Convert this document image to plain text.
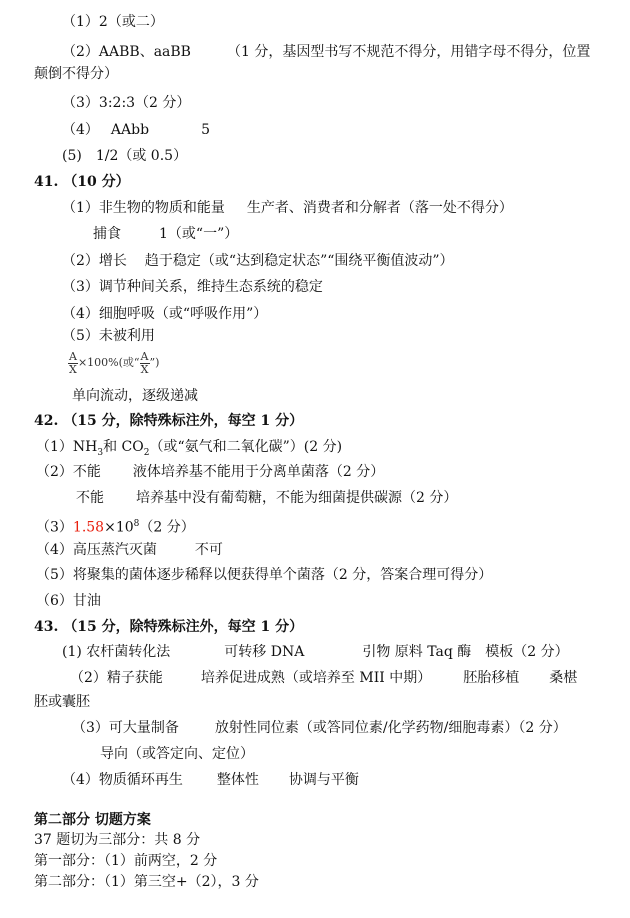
（1）2（或二）
（2）AABB、aaBB	（1 分，基因型书写不规范不得分，用错字母不得分，位置
颠倒不得分）
（3）3:2:3（2 分）
（4） AAbb	5
(5)　1/2（或 0.5）
41. （10 分）
（1）非生物的物质和能量 生产者、消费者和分解者（落一处不得分）
捕食	1（或“一”）
（2）增长 趋于稳定（或“达到稳定状态”“围绕平衡值波动”）
（3）调节种间关系，维持生态系统的稳定
（4）细胞呼吸（或“呼吸作用”）
（5）未被利用
$\frac{A}{X} \times 100\%$(或“ $\frac{A}{X}$ ”)
单向流动，逐级递减
42. （15 分，除特殊标注外，每空 1 分）
$(1)NH_3$和 $CO_2$（或“氨气和二氧化碳”）(2 分)
（2）不能 液体培养基不能用于分离单菌落（2 分）
不能 培养基中没有葡萄糖，不能为细菌提供碳源（2 分）
$(3)1.58\times 10^8(2$ 分）
（4）高压蒸汽灭菌	不可
（5）将聚集的菌体逐步稀释以便获得单个菌落（2 分，答案合理可得分）
（6）甘油
43. （15 分，除特殊标注外，每空 1 分）
(1) 农杆菌转化法	可转移 DNA	引物 原料 Taq 酶　模板（2 分）
（2）精子获能	培养促进成熟（或培养至 MII 中期） 胚胎移植 桑椹
胚或囊胚
（3）可大量制备	放射性同位素（或答同位素/化学药物/细胞毒素）（2 分）
导向（或答定向、定位）
（4）物质循环再生 整体性 协调与平衡
第二部分 切题方案
37 题切为三部分：共 8 分
第一部分：（1）前两空，2 分
第二部分：（1）第三空+（2），3 分
